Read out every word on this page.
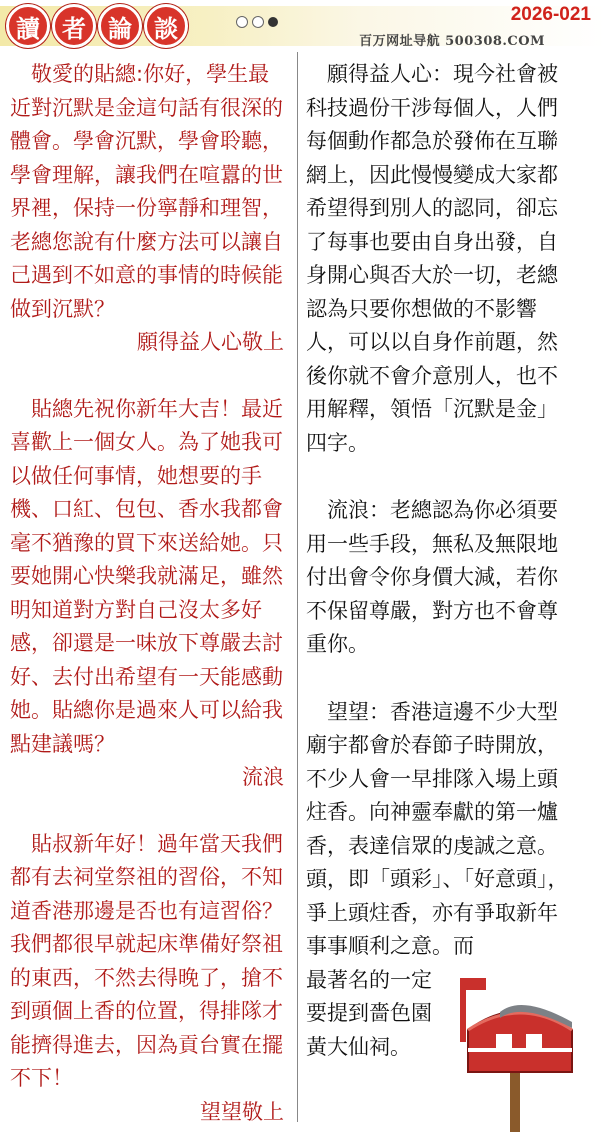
讀 者 論 談	2026-021
百万网址导航 500308.COM

敬愛的貼總:你好，學生最近對沉默是金這句話有很深的體會。學會沉默，學會聆聽，學會理解，讓我們在喧囂的世界裡，保持一份寧靜和理智，老總您說有什麼方法可以讓自己遇到不如意的事情的時候能做到沉默？

願得益人心敬上

貼總先祝你新年大吉！最近喜歡上一個女人。為了她我可以做任何事情，她想要的手機、口紅、包包、香水我都會毫不猶豫的買下來送給她。只要她開心快樂我就滿足，雖然 明知道對方對自己沒太多好感，卻還是一味放下尊嚴去討好、去付出希望有一天能感動她。貼總你是過來人可以給我點建議嗎？

流浪

貼叔新年好！過年當天我們都有去祠堂祭祖的習俗，不知道香港那邊是否也有這習俗？我們都很早就起床準備好祭祖的東西，不然去得晚了，搶不到頭個上香的位置，得排隊才能擠得進去，因為貢台實在擺不下！

望望敬上

願得益人心：現今社會被科技過份干涉每個人，人們每個動作都急於發佈在互聯網上，因此慢慢變成大家都希望得到別人的認同，卻忘了每事也要由自身出發，自身開心與否大於一切，老總認為只要你想做的不影響人，可以以自身作前題，然後你就不會介意別人，也不用解釋，領悟「沉默是金」四字。

流浪：老總認為你必須要用一些手段，無私及無限地付出會令你身價大減，若你不保留尊嚴，對方也不會尊重你。

望望：香港這邊不少大型廟宇都會於春節子時開放，不少人會一早排隊入場上頭炷香。向神靈奉獻的第一爐香，表達信眾的虔誠之意。頭，即「頭彩」、「好意頭」，爭上頭炷香，亦有爭取新年事事順利之意。而

最著名的一定要提到嗇色園黃大仙祠。
